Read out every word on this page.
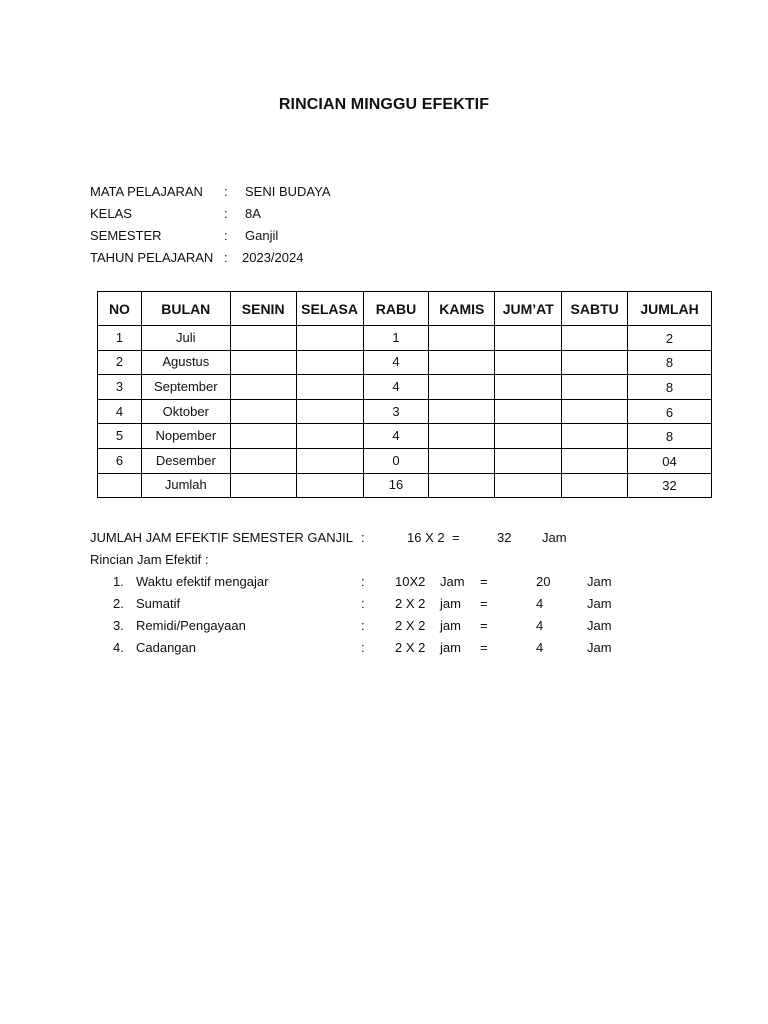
RINCIAN MINGGU EFEKTIF
MATA PELAJARAN : SENI BUDAYA
KELAS	: 8A
SEMESTER	: Ganjil
TAHUN PELAJARAN : 2023/2024
NO	BULAN	SENIN	SELASA	RABU	KAMIS	JUM’AT	SABTU	JUMLAH
1	Juli			1				2
2	Agustus			4				8
3	September			4				8
4	Oktober			3				6
5	Nopember			4				8
6	Desember			0				04
	Jumlah			16				32
JUMLAH JAM EFEKTIF SEMESTER GANJIL :	16 X 2 =	32 Jam
Rincian Jam Efektif :
1. Waktu efektif mengajar	: 10X2 Jam =	20	Jam
2. Sumatif	: 2 X 2 jam =	4	Jam
3. Remidi/Pengayaan	: 2 X 2 jam =	4	Jam
4. Cadangan	: 2 X 2 jam =	4	Jam
